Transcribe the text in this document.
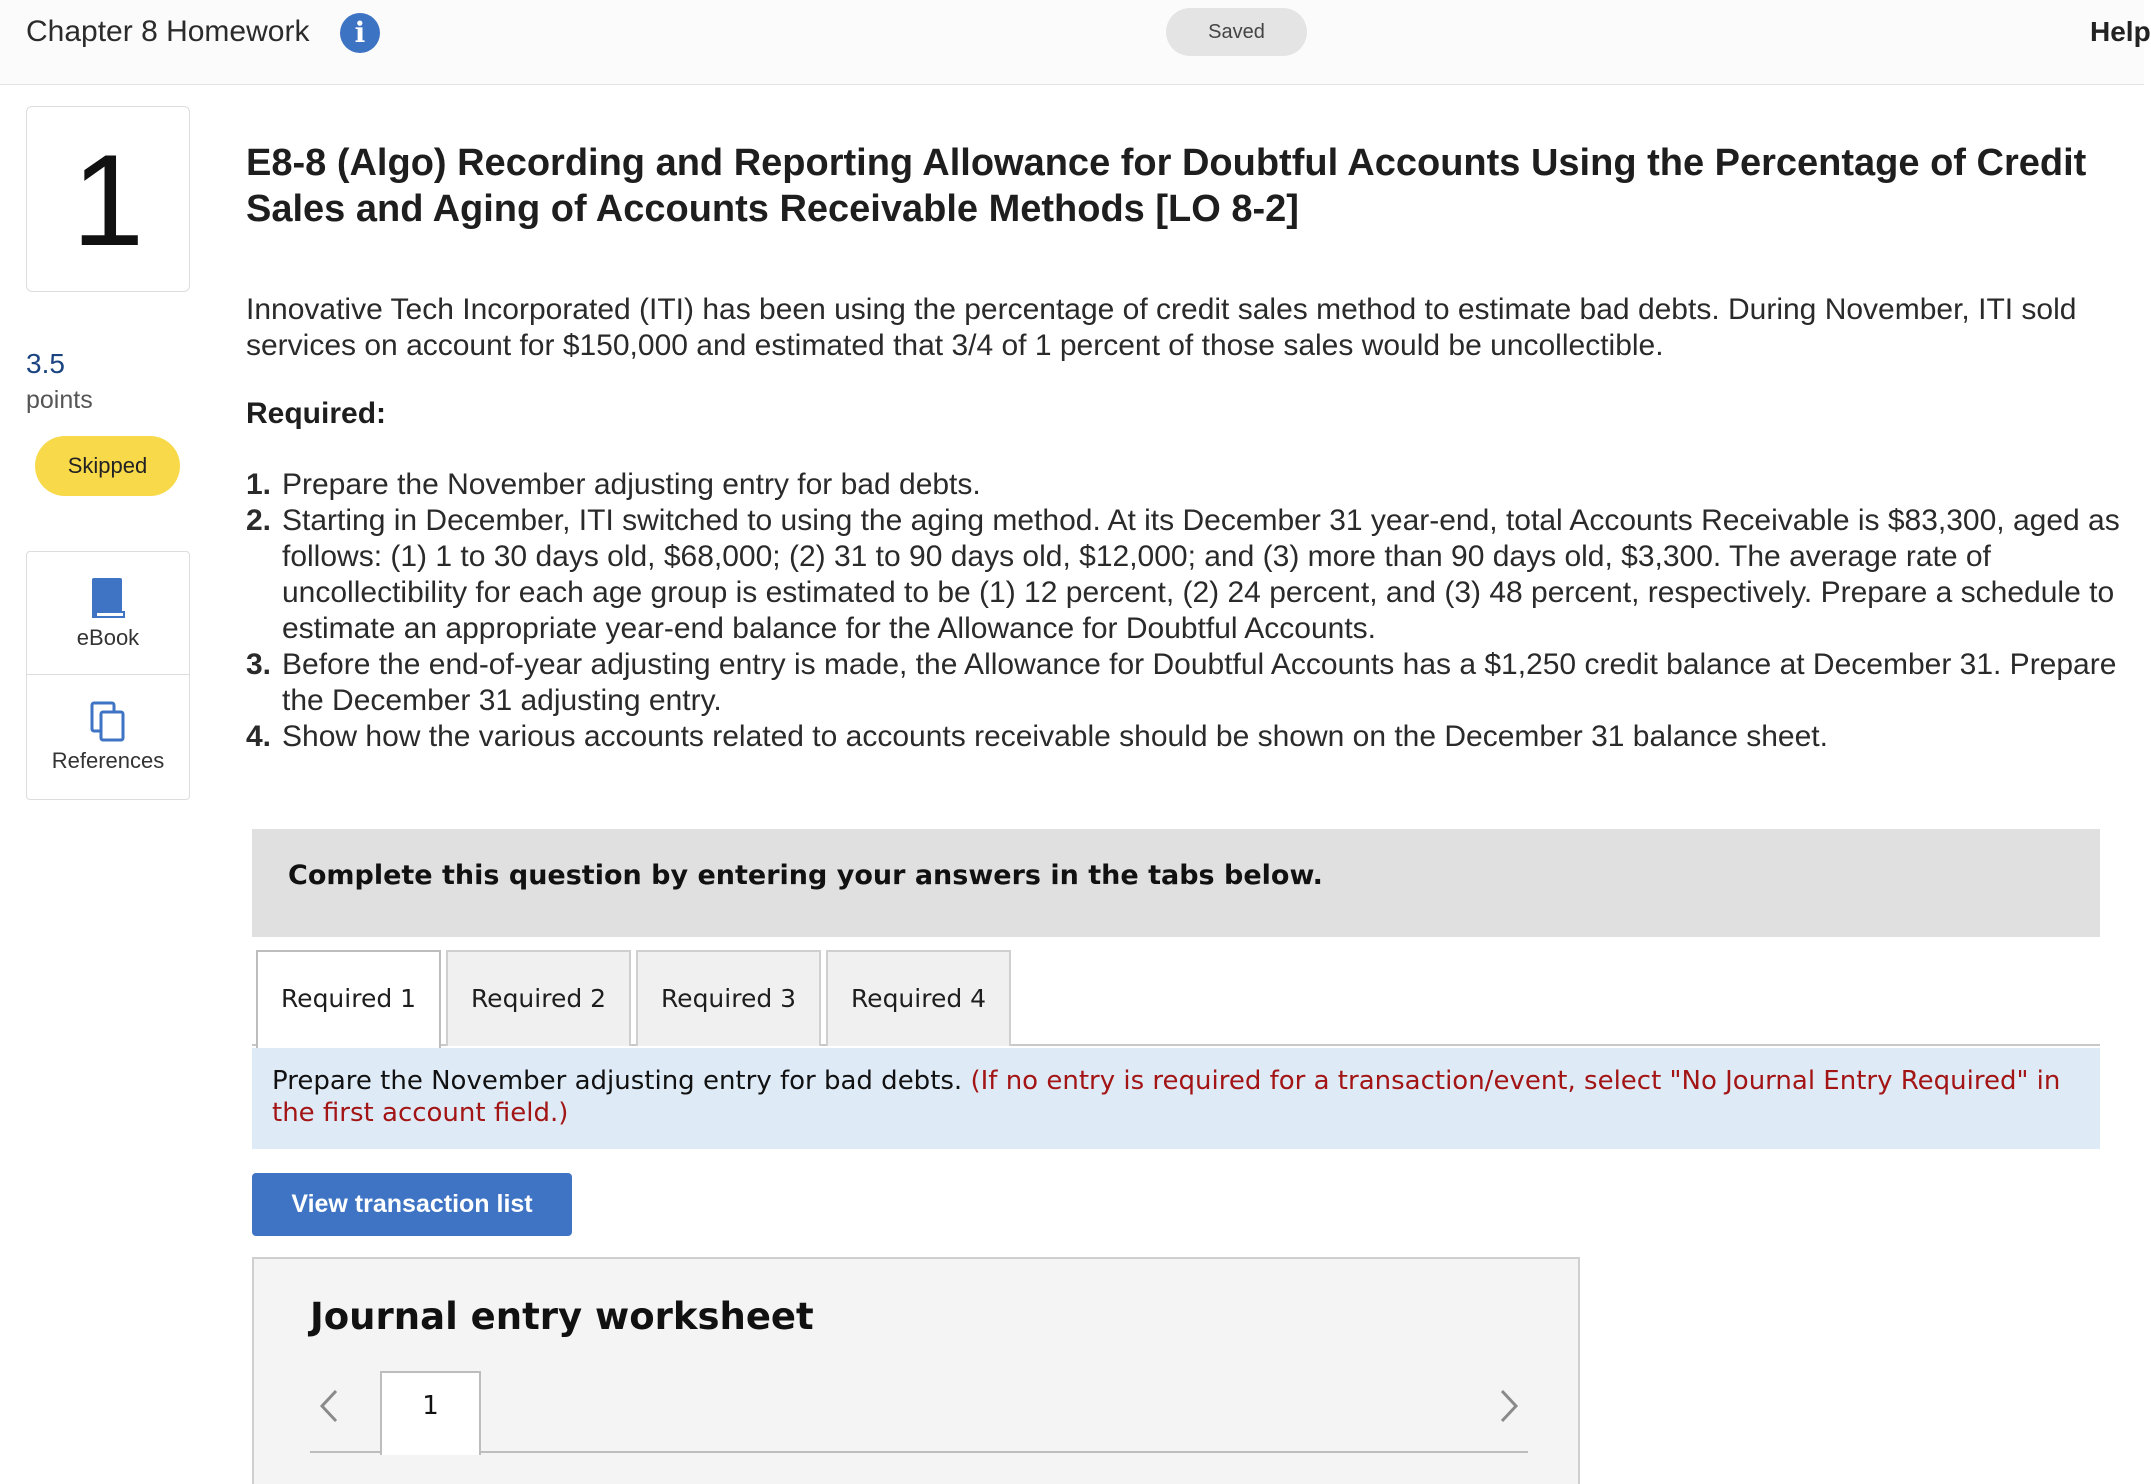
Chapter 8 Homework	i	Saved	Help
1
3.5
points
Skipped
eBook
References
E8-8 (Algo) Recording and Reporting Allowance for Doubtful Accounts Using the Percentage of Credit Sales and Aging of Accounts Receivable Methods [LO 8-2]
Innovative Tech Incorporated (ITI) has been using the percentage of credit sales method to estimate bad debts. During November, ITI sold services on account for $150,000 and estimated that 3/4 of 1 percent of those sales would be uncollectible.
Required:
1. Prepare the November adjusting entry for bad debts.
2. Starting in December, ITI switched to using the aging method. At its December 31 year-end, total Accounts Receivable is $83,300, aged as follows: (1) 1 to 30 days old, $68,000; (2) 31 to 90 days old, $12,000; and (3) more than 90 days old, $3,300. The average rate of uncollectibility for each age group is estimated to be (1) 12 percent, (2) 24 percent, and (3) 48 percent, respectively. Prepare a schedule to estimate an appropriate year-end balance for the Allowance for Doubtful Accounts.
3. Before the end-of-year adjusting entry is made, the Allowance for Doubtful Accounts has a $1,250 credit balance at December 31. Prepare the December 31 adjusting entry.
4. Show how the various accounts related to accounts receivable should be shown on the December 31 balance sheet.
Complete this question by entering your answers in the tabs below.
Required 1	Required 2	Required 3	Required 4
Prepare the November adjusting entry for bad debts. (If no entry is required for a transaction/event, select "No Journal Entry Required" in the first account field.)
View transaction list
Journal entry worksheet
1
